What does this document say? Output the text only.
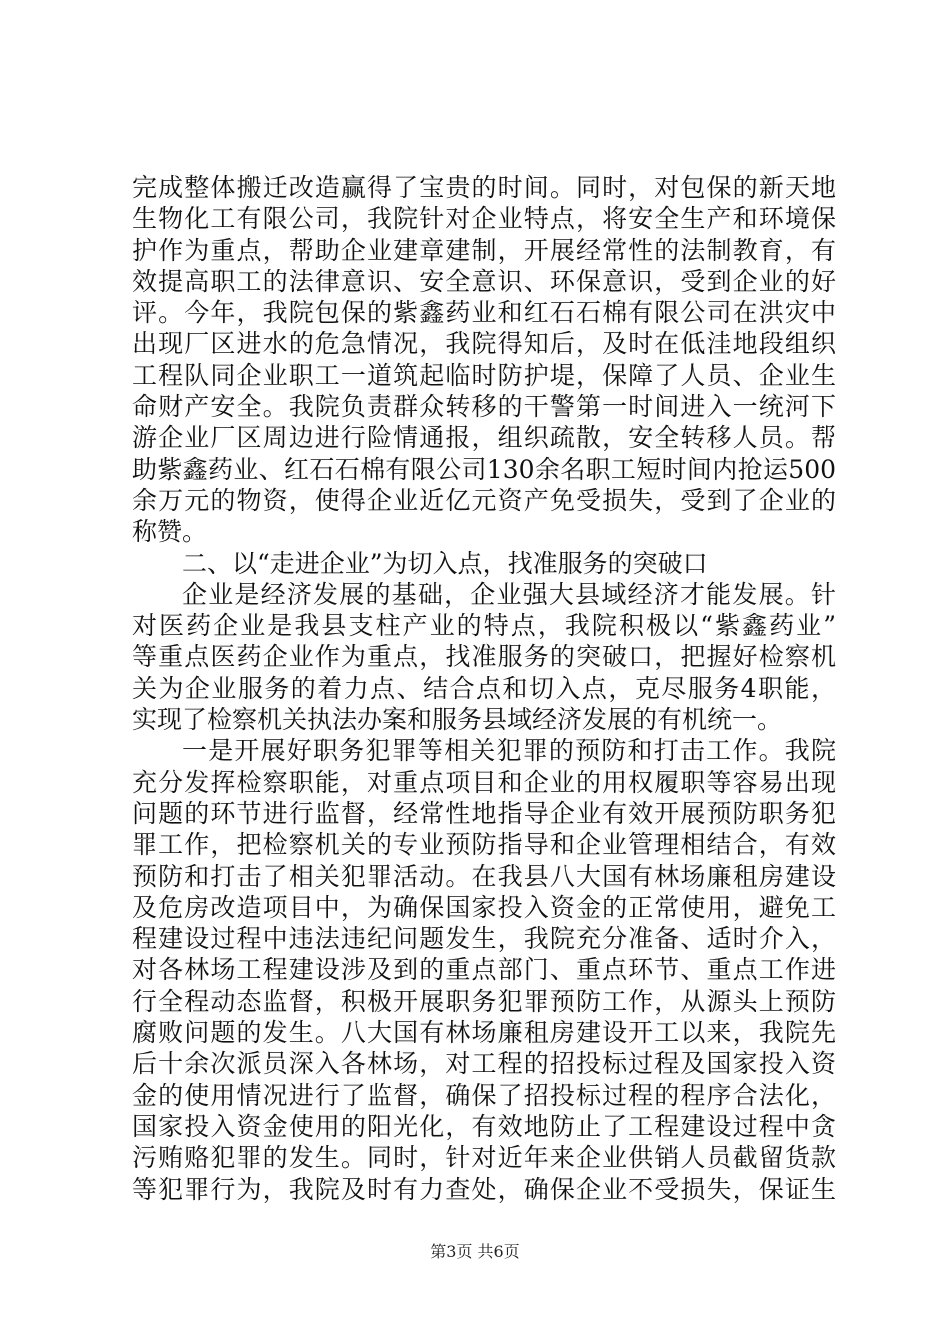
完成整体搬迁改造赢得了宝贵的时间。同时，对包保的新天地
生物化工有限公司，我院针对企业特点，将安全生产和环境保
护作为重点，帮助企业建章建制，开展经常性的法制教育，有
效提高职工的法律意识、安全意识、环保意识，受到企业的好
评。今年，我院包保的紫鑫药业和红石石棉有限公司在洪灾中
出现厂区进水的危急情况，我院得知后，及时在低洼地段组织
工程队同企业职工一道筑起临时防护堤，保障了人员、企业生
命财产安全。我院负责群众转移的干警第一时间进入一统河下
游企业厂区周边进行险情通报，组织疏散，安全转移人员。帮
助紫鑫药业、红石石棉有限公司130余名职工短时间内抢运500
余万元的物资，使得企业近亿元资产免受损失，受到了企业的
称赞。
二、以“走进企业”为切入点，找准服务的突破口
企业是经济发展的基础，企业强大县域经济才能发展。针
对医药企业是我县支柱产业的特点，我院积极以“紫鑫药业”
等重点医药企业作为重点，找准服务的突破口，把握好检察机
关为企业服务的着力点、结合点和切入点，克尽服务4职能，
实现了检察机关执法办案和服务县域经济发展的有机统一。
一是开展好职务犯罪等相关犯罪的预防和打击工作。我院
充分发挥检察职能，对重点项目和企业的用权履职等容易出现
问题的环节进行监督，经常性地指导企业有效开展预防职务犯
罪工作，把检察机关的专业预防指导和企业管理相结合，有效
预防和打击了相关犯罪活动。在我县八大国有林场廉租房建设
及危房改造项目中，为确保国家投入资金的正常使用，避免工
程建设过程中违法违纪问题发生，我院充分准备、适时介入，
对各林场工程建设涉及到的重点部门、重点环节、重点工作进
行全程动态监督，积极开展职务犯罪预防工作，从源头上预防
腐败问题的发生。八大国有林场廉租房建设开工以来，我院先
后十余次派员深入各林场，对工程的招投标过程及国家投入资
金的使用情况进行了监督，确保了招投标过程的程序合法化，
国家投入资金使用的阳光化，有效地防止了工程建设过程中贪
污贿赂犯罪的发生。同时，针对近年来企业供销人员截留货款
等犯罪行为，我院及时有力查处，确保企业不受损失，保证生
第3页 共6页
